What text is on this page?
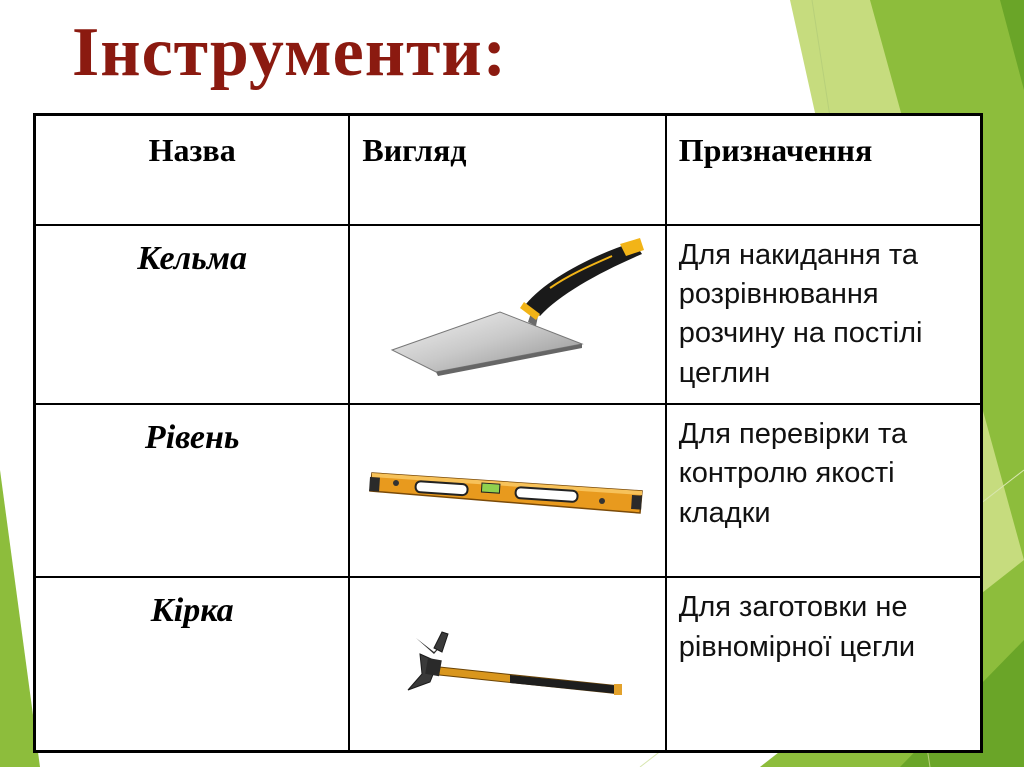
Інструменти:
Назва	Вигляд	Призначення

Кельма		Для накидання та розрівнювання розчину на постілі цеглин

Рівень		Для перевірки та контролю якості кладки

Кірка		Для заготовки не рівномірної цегли
